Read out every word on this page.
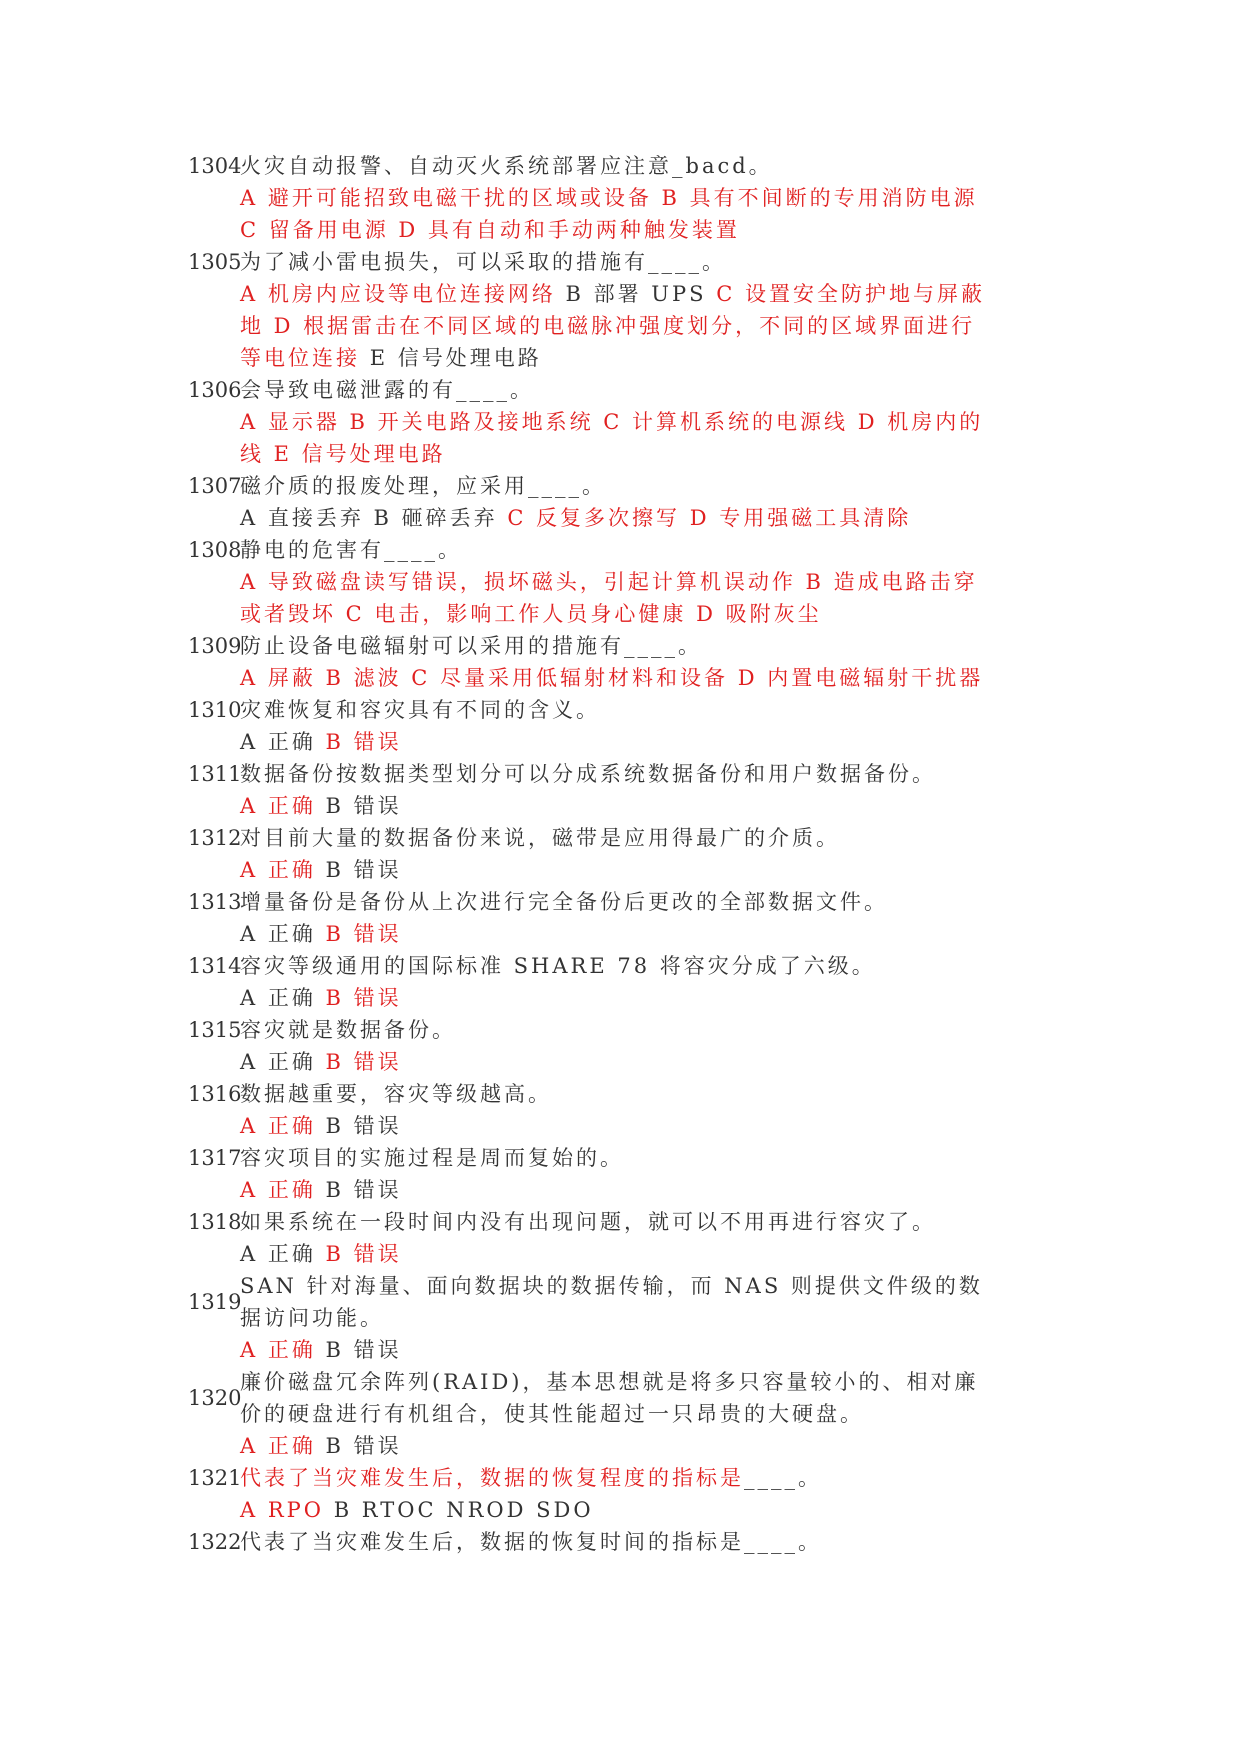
1304
火灾自动报警、自动灭火系统部署应注意_bacd。
A 避开可能招致电磁干扰的区域或设备 B 具有不间断的专用消防电源 C 留备用电源 D 具有自动和手动两种触发装置
1305
为了减小雷电损失，可以采取的措施有____。
A 机房内应设等电位连接网络 B 部署 UPS C 设置安全防护地与屏蔽地 D 根据雷击在不同区域的电磁脉冲强度划分，不同的区域界面进行等电位连接 E 信号处理电路
1306
会导致电磁泄露的有____。
A 显示器 B 开关电路及接地系统 C 计算机系统的电源线 D 机房内的线 E 信号处理电路
1307
磁介质的报废处理，应采用____。
A 直接丢弃 B 砸碎丢弃 C 反复多次擦写 D 专用强磁工具清除
1308
静电的危害有____。
A 导致磁盘读写错误，损坏磁头，引起计算机误动作 B 造成电路击穿或者毁坏 C 电击，影响工作人员身心健康 D 吸附灰尘
1309
防止设备电磁辐射可以采用的措施有____。
A 屏蔽 B 滤波 C 尽量采用低辐射材料和设备 D 内置电磁辐射干扰器
1310
灾难恢复和容灾具有不同的含义。
A 正确 B 错误
1311
数据备份按数据类型划分可以分成系统数据备份和用户数据备份。
A 正确 B 错误
1312
对目前大量的数据备份来说，磁带是应用得最广的介质。
A 正确 B 错误
1313
增量备份是备份从上次进行完全备份后更改的全部数据文件。
A 正确 B 错误
1314
容灾等级通用的国际标准 SHARE 78 将容灾分成了六级。
A 正确 B 错误
1315
容灾就是数据备份。
A 正确 B 错误
1316
数据越重要，容灾等级越高。
A 正确 B 错误
1317
容灾项目的实施过程是周而复始的。
A 正确 B 错误
1318
如果系统在一段时间内没有出现问题，就可以不用再进行容灾了。
A 正确 B 错误
1319
SAN 针对海量、面向数据块的数据传输，而 NAS 则提供文件级的数据访问功能。
A 正确 B 错误
1320
廉价磁盘冗余阵列(RAID)，基本思想就是将多只容量较小的、相对廉价的硬盘进行有机组合，使其性能超过一只昂贵的大硬盘。
A 正确 B 错误
1321
代表了当灾难发生后，数据的恢复程度的指标是____。
A RPO B RTOC NROD SDO
1322
代表了当灾难发生后，数据的恢复时间的指标是____。
